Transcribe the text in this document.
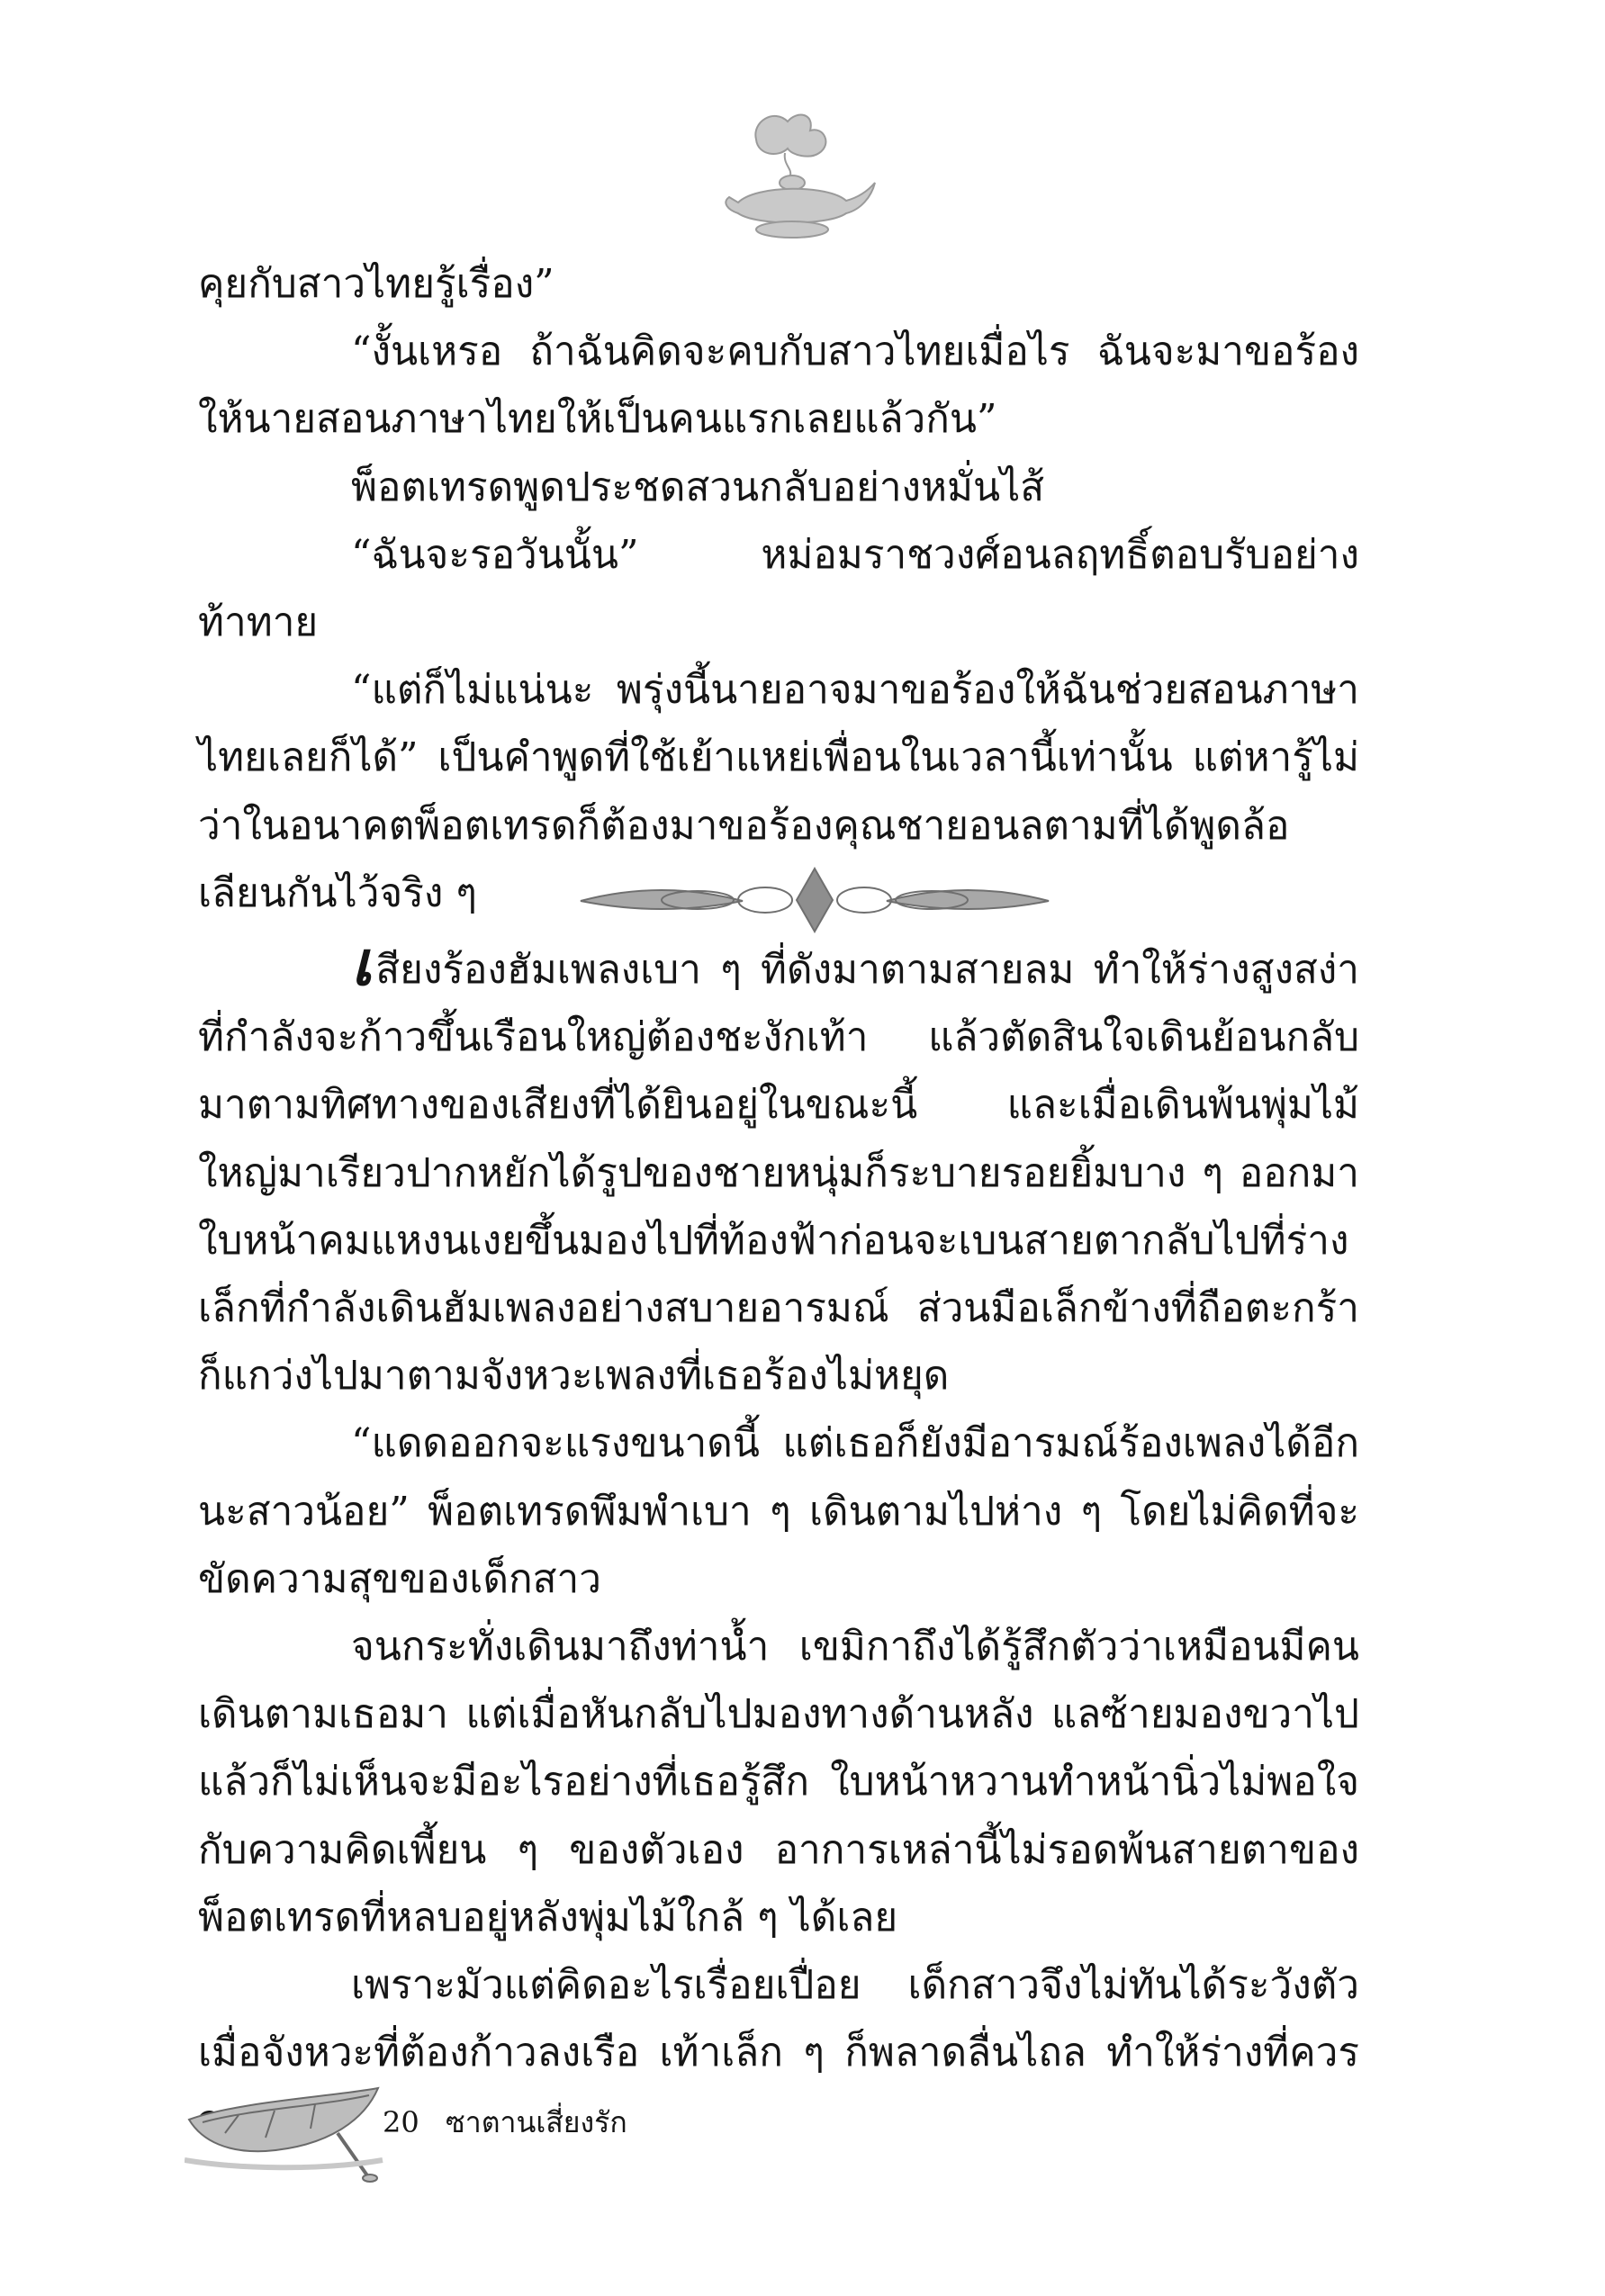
คุยกับสาวไทยรู้เรื่อง”

“งั้นเหรอ ถ้าฉันคิดจะคบกับสาวไทยเมื่อไร ฉันจะมาขอร้องให้นายสอนภาษาไทยให้เป็นคนแรกเลยแล้วกัน”

พ็อตเทรดพูดประชดสวนกลับอย่างหมั่นไส้

“ฉันจะรอวันนั้น” หม่อมราชวงศ์อนลฤทธิ์ตอบรับอย่างท้าทาย

“แต่ก็ไม่แน่นะ พรุ่งนี้นายอาจมาขอร้องให้ฉันช่วยสอนภาษาไทยเลยก็ได้” เป็นคำพูดที่ใช้เย้าแหย่เพื่อนในเวลานี้เท่านั้น แต่หารู้ไม่ว่าในอนาคตพ็อตเทรดก็ต้องมาขอร้องคุณชายอนลตามที่ได้พูดล้อเลียนกันไว้จริง ๆ

เสียงร้องฮัมเพลงเบา ๆ ที่ดังมาตามสายลม ทำให้ร่างสูงสง่าที่กำลังจะก้าวขึ้นเรือนใหญ่ต้องชะงักเท้า แล้วตัดสินใจเดินย้อนกลับมาตามทิศทางของเสียงที่ได้ยินอยู่ในขณะนี้ และเมื่อเดินพ้นพุ่มไม้ใหญ่มาเรียวปากหยักได้รูปของชายหนุ่มก็ระบายรอยยิ้มบาง ๆ ออกมา ใบหน้าคมแหงนเงยขึ้นมองไปที่ท้องฟ้าก่อนจะเบนสายตากลับไปที่ร่างเล็กที่กำลังเดินฮัมเพลงอย่างสบายอารมณ์ ส่วนมือเล็กข้างที่ถือตะกร้าก็แกว่งไปมาตามจังหวะเพลงที่เธอร้องไม่หยุด

“แดดออกจะแรงขนาดนี้ แต่เธอก็ยังมีอารมณ์ร้องเพลงได้อีกนะสาวน้อย” พ็อตเทรดพึมพำเบา ๆ เดินตามไปห่าง ๆ โดยไม่คิดที่จะขัดความสุขของเด็กสาว

จนกระทั่งเดินมาถึงท่าน้ำ เขมิกาถึงได้รู้สึกตัวว่าเหมือนมีคนเดินตามเธอมา แต่เมื่อหันกลับไปมองทางด้านหลัง แลซ้ายมองขวาไปแล้วก็ไม่เห็นจะมีอะไรอย่างที่เธอรู้สึก ใบหน้าหวานทำหน้านิ่วไม่พอใจกับความคิดเพี้ยน ๆ ของตัวเอง อาการเหล่านี้ไม่รอดพ้นสายตาของพ็อตเทรดที่หลบอยู่หลังพุ่มไม้ใกล้ ๆ ได้เลย

เพราะมัวแต่คิดอะไรเรื่อยเปื่อย เด็กสาวจึงไม่ทันได้ระวังตัวเมื่อจังหวะที่ต้องก้าวลงเรือ เท้าเล็ก ๆ ก็พลาดลื่นไถล ทำให้ร่างที่ควร

20 ซาตานเสี่ยงรัก
